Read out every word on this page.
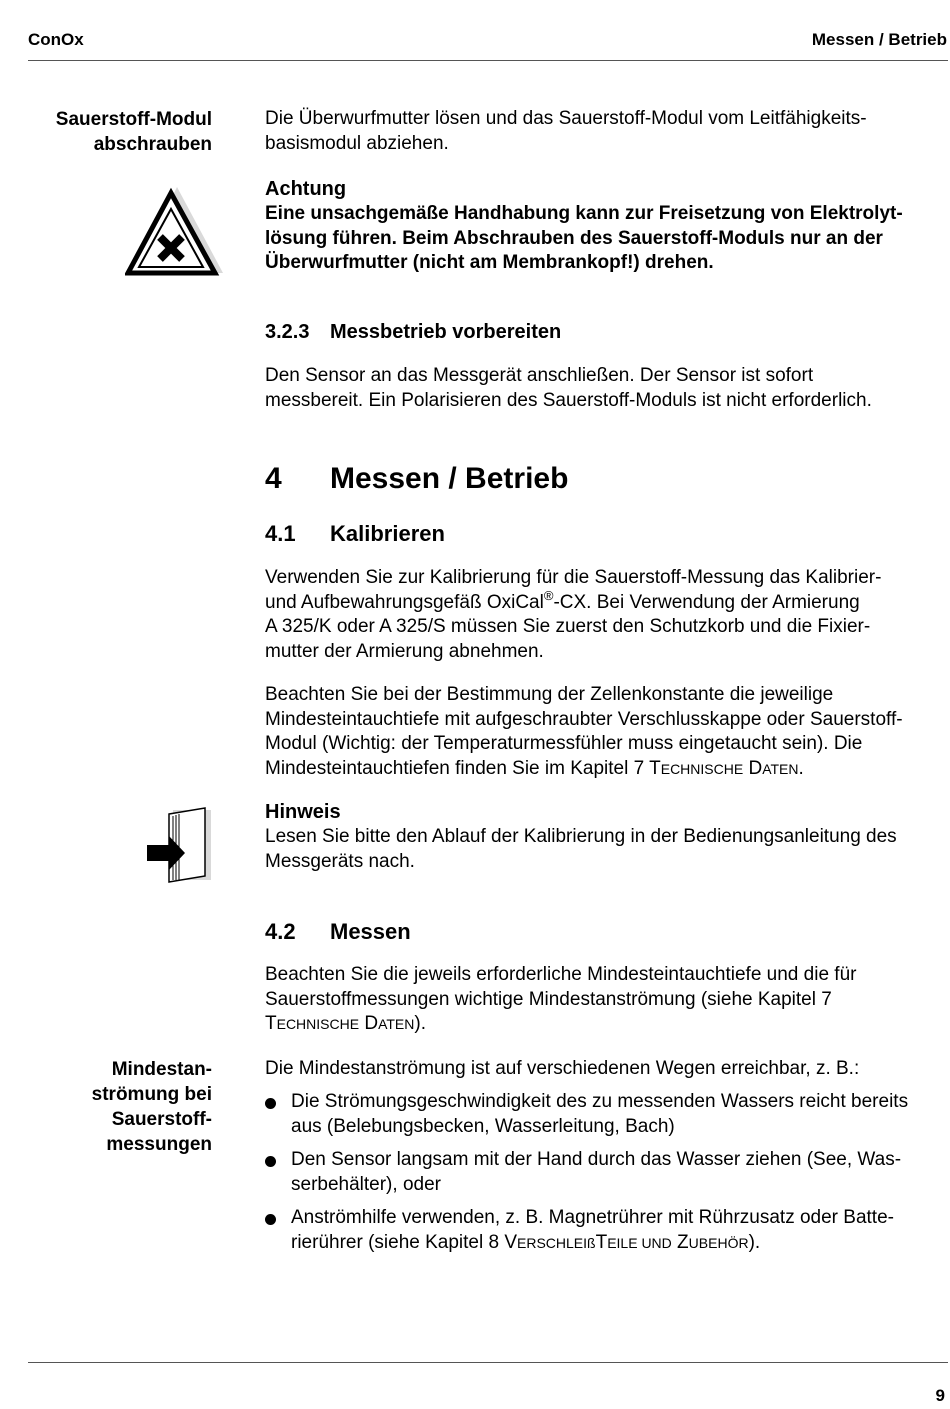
ConOx	Messen / Betrieb
Sauerstoff-Modul
abschrauben
Die Überwurfmutter lösen und das Sauerstoff-Modul vom Leitfähigkeits-
basismodul abziehen.
Achtung
Eine unsachgemäße Handhabung kann zur Freisetzung von Elektrolyt-
lösung führen. Beim Abschrauben des Sauerstoff-Moduls nur an der
Überwurfmutter (nicht am Membrankopf!) drehen.
3.2.3 Messbetrieb vorbereiten
Den Sensor an das Messgerät anschließen. Der Sensor ist sofort
messbereit. Ein Polarisieren des Sauerstoff-Moduls ist nicht erforderlich.
4 Messen / Betrieb
4.1 Kalibrieren
Verwenden Sie zur Kalibrierung für die Sauerstoff-Messung das Kalibrier-
und Aufbewahrungsgefäß OxiCal®-CX. Bei Verwendung der Armierung
A 325/K oder A 325/S müssen Sie zuerst den Schutzkorb und die Fixier-
mutter der Armierung abnehmen.
Beachten Sie bei der Bestimmung der Zellenkonstante die jeweilige
Mindesteintauchtiefe mit aufgeschraubter Verschlusskappe oder Sauerstoff-
Modul (Wichtig: der Temperaturmessfühler muss eingetaucht sein). Die
Mindesteintauchtiefen finden Sie im Kapitel 7 TECHNISCHE DATEN.
Hinweis
Lesen Sie bitte den Ablauf der Kalibrierung in der Bedienungsanleitung des
Messgeräts nach.
4.2 Messen
Beachten Sie die jeweils erforderliche Mindesteintauchtiefe und die für
Sauerstoffmessungen wichtige Mindestanströmung (siehe Kapitel 7
TECHNISCHE DATEN).
Mindestan-
strömung bei
Sauerstoff-
messungen
Die Mindestanströmung ist auf verschiedenen Wegen erreichbar, z. B.:
Die Strömungsgeschwindigkeit des zu messenden Wassers reicht bereits
aus (Belebungsbecken, Wasserleitung, Bach)
Den Sensor langsam mit der Hand durch das Wasser ziehen (See, Was-
serbehälter), oder
Anströmhilfe verwenden, z. B. Magnetrührer mit Rührzusatz oder Batte-
rierührer (siehe Kapitel 8 VERSCHLEIßTEILE UND ZUBEHÖR).
9
